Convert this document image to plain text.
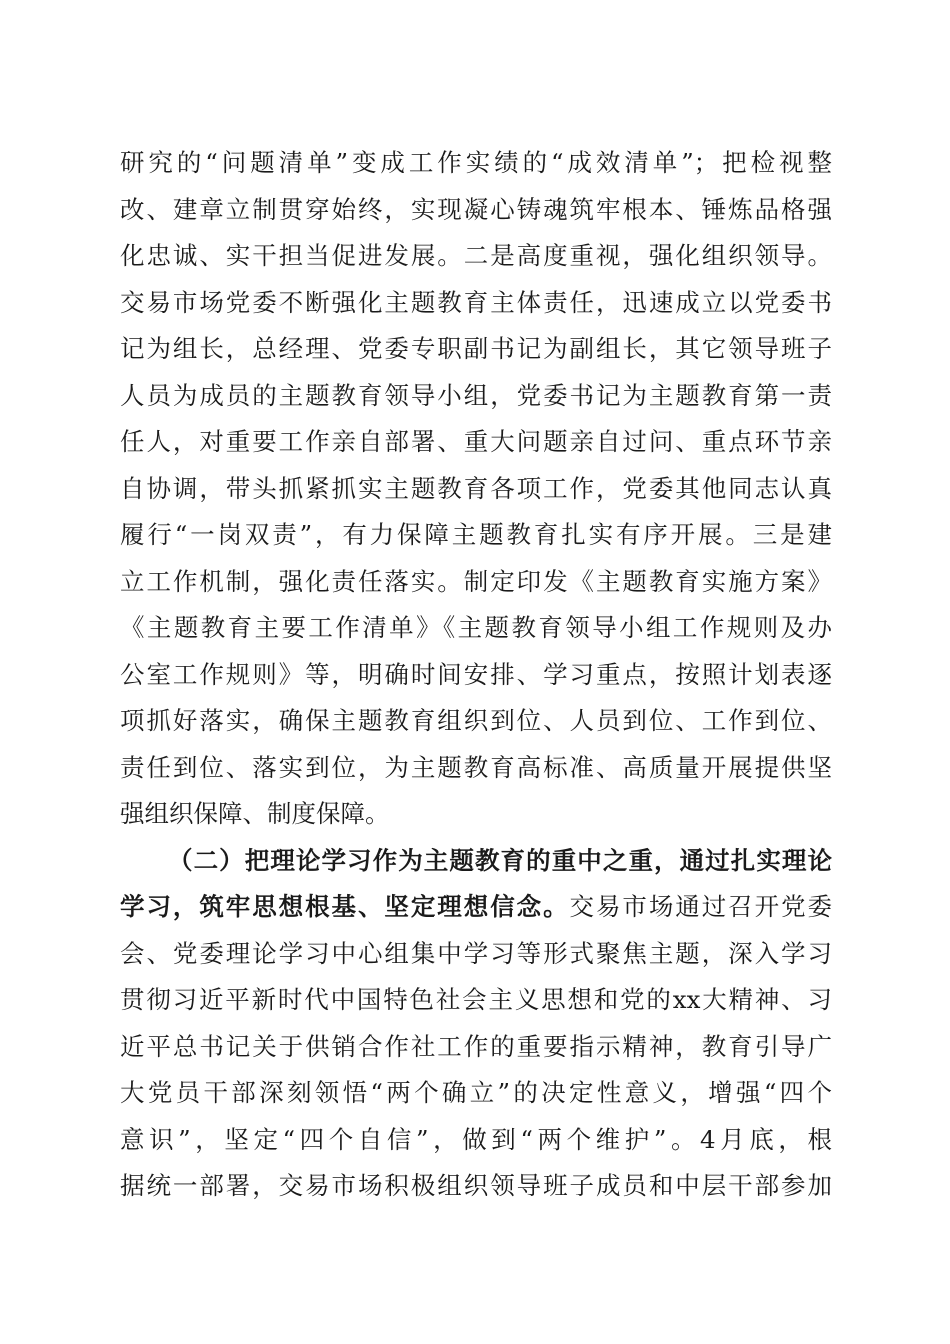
研究的“问题清单”变成工作实绩的“成效清单”；把检视整
改、建章立制贯穿始终，实现凝心铸魂筑牢根本、锤炼品格强
化忠诚、实干担当促进发展。二是高度重视，强化组织领导。
交易市场党委不断强化主题教育主体责任，迅速成立以党委书
记为组长，总经理、党委专职副书记为副组长，其它领导班子
人员为成员的主题教育领导小组，党委书记为主题教育第一责
任人，对重要工作亲自部署、重大问题亲自过问、重点环节亲
自协调，带头抓紧抓实主题教育各项工作，党委其他同志认真
履行“一岗双责”，有力保障主题教育扎实有序开展。三是建
立工作机制，强化责任落实。制定印发《主题教育实施方案》
《主题教育主要工作清单》《主题教育领导小组工作规则及办
公室工作规则》等，明确时间安排、学习重点，按照计划表逐
项抓好落实，确保主题教育组织到位、人员到位、工作到位、
责任到位、落实到位，为主题教育高标准、高质量开展提供坚
强组织保障、制度保障。
（二）把理论学习作为主题教育的重中之重，通过扎实理论
学习，筑牢思想根基、坚定理想信念。交易市场通过召开党委
会、党委理论学习中心组集中学习等形式聚焦主题，深入学习
贯彻习近平新时代中国特色社会主义思想和党的xx大精神、习
近平总书记关于供销合作社工作的重要指示精神，教育引导广
大党员干部深刻领悟“两个确立”的决定性意义，增强“四个
意识”，坚定“四个自信”，做到“两个维护”。4月底，根
据统一部署，交易市场积极组织领导班子成员和中层干部参加
